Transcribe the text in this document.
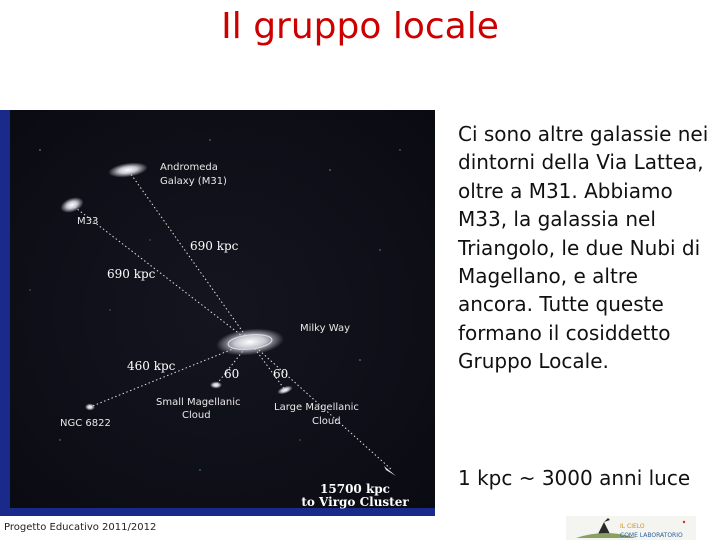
Il gruppo locale
Andromeda
Galaxy (M31)
M33
Milky Way
Small Magellanic
Cloud
Large Magellanic
Cloud
NGC 6822
690 kpc
690 kpc
460 kpc
60	60
15700 kpc
to Virgo Cluster
Ci sono altre galassie nei dintorni della Via Lattea, oltre a M31. Abbiamo M33, la galassia nel Triangolo, le due Nubi di Magellano, e altre ancora. Tutte queste formano il cosiddetto Gruppo Locale.
1 kpc ~ 3000 anni luce
Progetto Educativo 2011/2012	IL CIELO
COME LABORATORIO
